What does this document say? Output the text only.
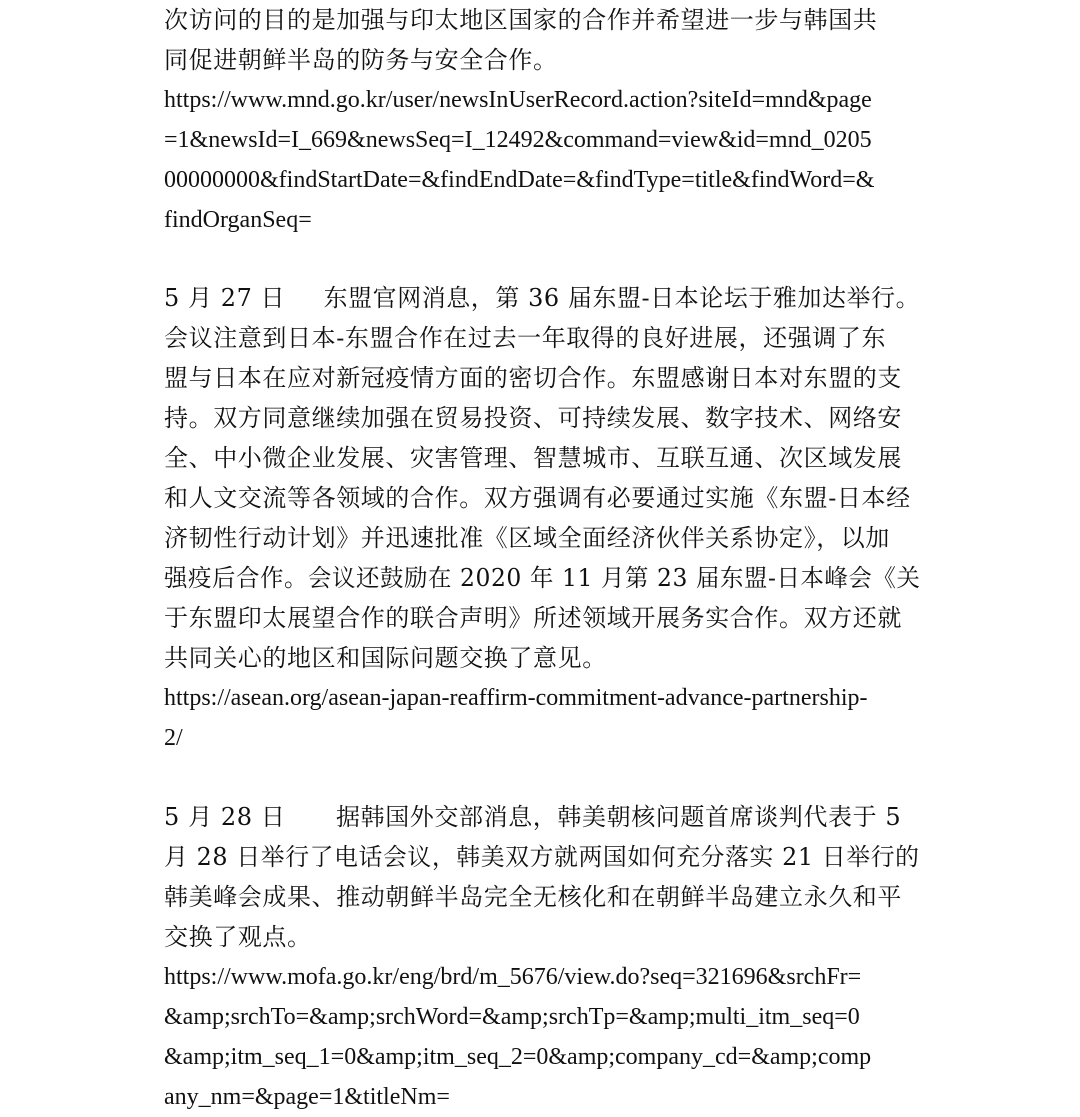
次访问的目的是加强与印太地区国家的合作并希望进一步与韩国共
同促进朝鲜半岛的防务与安全合作。
https://www.mnd.go.kr/user/newsInUserRecord.action?siteId=mnd&page
=1&newsId=I_669&newsSeq=I_12492&command=view&id=mnd_0205
00000000&findStartDate=&findEndDate=&findType=title&findWord=&
findOrganSeq=
5 月 27 日 东盟官网消息，第 36 届东盟-日本论坛于雅加达举行。
会议注意到日本-东盟合作在过去一年取得的良好进展，还强调了东
盟与日本在应对新冠疫情方面的密切合作。东盟感谢日本对东盟的支
持。双方同意继续加强在贸易投资、可持续发展、数字技术、网络安
全、中小微企业发展、灾害管理、智慧城市、互联互通、次区域发展
和人文交流等各领域的合作。双方强调有必要通过实施《东盟-日本经
济韧性行动计划》并迅速批准《区域全面经济伙伴关系协定》，以加
强疫后合作。会议还鼓励在 2020 年 11 月第 23 届东盟-日本峰会《关
于东盟印太展望合作的联合声明》所述领域开展务实合作。双方还就
共同关心的地区和国际问题交换了意见。
https://asean.org/asean-japan-reaffirm-commitment-advance-partnership-
2/
5 月 28 日 据韩国外交部消息，韩美朝核问题首席谈判代表于 5
月 28 日举行了电话会议，韩美双方就两国如何充分落实 21 日举行的
韩美峰会成果、推动朝鲜半岛完全无核化和在朝鲜半岛建立永久和平
交换了观点。
https://www.mofa.go.kr/eng/brd/m_5676/view.do?seq=321696&srchFr=
&amp;srchTo=&amp;srchWord=&amp;srchTp=&amp;multi_itm_seq=0
&amp;itm_seq_1=0&amp;itm_seq_2=0&amp;company_cd=&amp;comp
any_nm=&page=1&titleNm=
